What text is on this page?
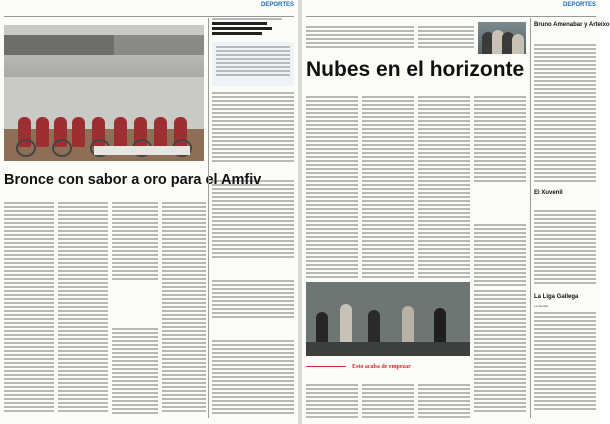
DEPORTES
Bronce con sabor a oro para el Amfiv
DEPORTES
Nubes en el horizonte
Esto acaba de empezar
Bruno Amenabar y Arteixo
El Xuvenil
La Liga Gallega
La Muralla
